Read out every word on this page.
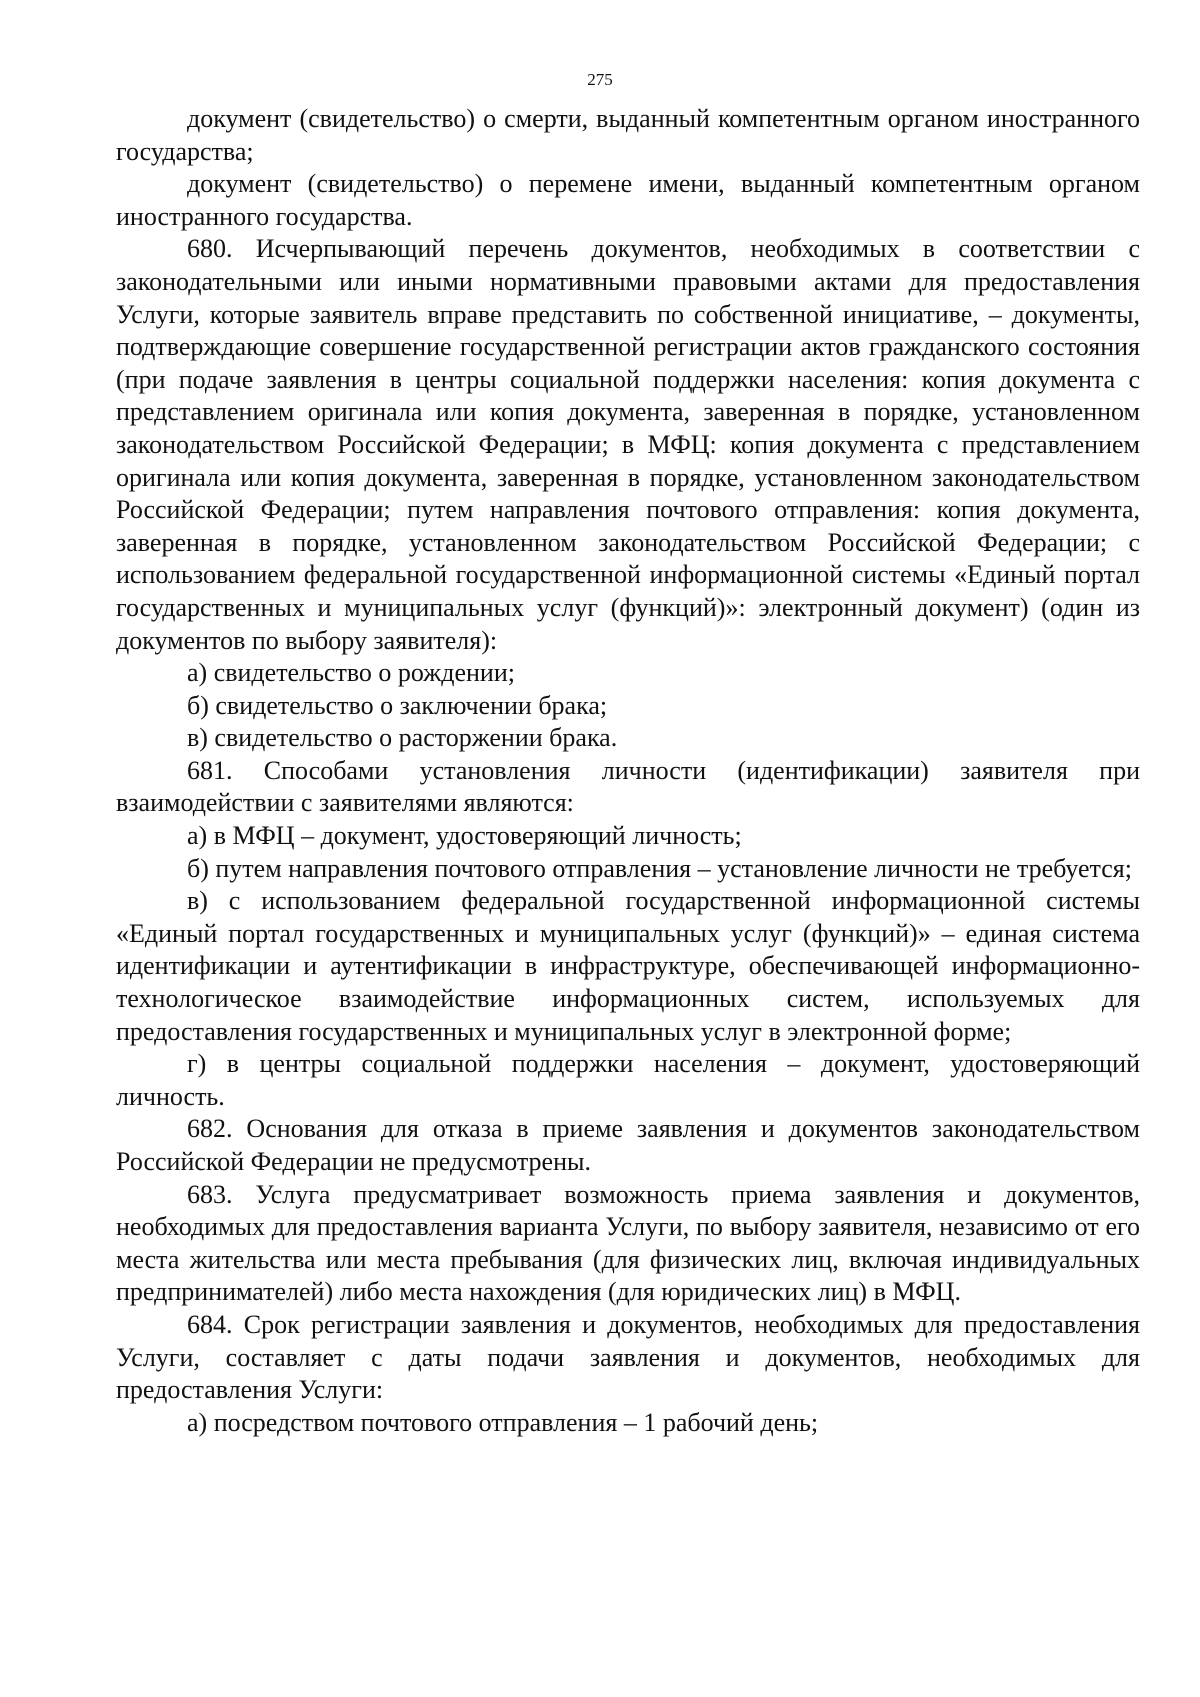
275

документ (свидетельство) о смерти, выданный компетентным органом иностранного государства;

документ (свидетельство) о перемене имени, выданный компетентным органом иностранного государства.

680. Исчерпывающий перечень документов, необходимых в соответствии с законодательными или иными нормативными правовыми актами для предоставления Услуги, которые заявитель вправе представить по собственной инициативе, – документы, подтверждающие совершение государственной регистрации актов гражданского состояния (при подаче заявления в центры социальной поддержки населения: копия документа с представлением оригинала или копия документа, заверенная в порядке, установленном законодательством Российской Федерации; в МФЦ: копия документа с представлением оригинала или копия документа, заверенная в порядке, установленном законодательством Российской Федерации; путем направления почтового отправления: копия документа, заверенная в порядке, установленном законодательством Российской Федерации; с использованием федеральной государственной информационной системы «Единый портал государственных и муниципальных услуг (функций)»: электронный документ) (один из документов по выбору заявителя):

а) свидетельство о рождении;

б) свидетельство о заключении брака;

в) свидетельство о расторжении брака.

681. Способами установления личности (идентификации) заявителя при взаимодействии с заявителями являются:

а) в МФЦ – документ, удостоверяющий личность;

б) путем направления почтового отправления – установление личности не требуется;

в) с использованием федеральной государственной информационной системы «Единый портал государственных и муниципальных услуг (функций)» – единая система идентификации и аутентификации в инфраструктуре, обеспечивающей информационно-технологическое взаимодействие информационных систем, используемых для предоставления государственных и муниципальных услуг в электронной форме;

г) в центры социальной поддержки населения – документ, удостоверяющий личность.

682. Основания для отказа в приеме заявления и документов законодательством Российской Федерации не предусмотрены.

683. Услуга предусматривает возможность приема заявления и документов, необходимых для предоставления варианта Услуги, по выбору заявителя, независимо от его места жительства или места пребывания (для физических лиц, включая индивидуальных предпринимателей) либо места нахождения (для юридических лиц) в МФЦ.

684. Срок регистрации заявления и документов, необходимых для предоставления Услуги, составляет с даты подачи заявления и документов, необходимых для предоставления Услуги:

а) посредством почтового отправления – 1 рабочий день;
